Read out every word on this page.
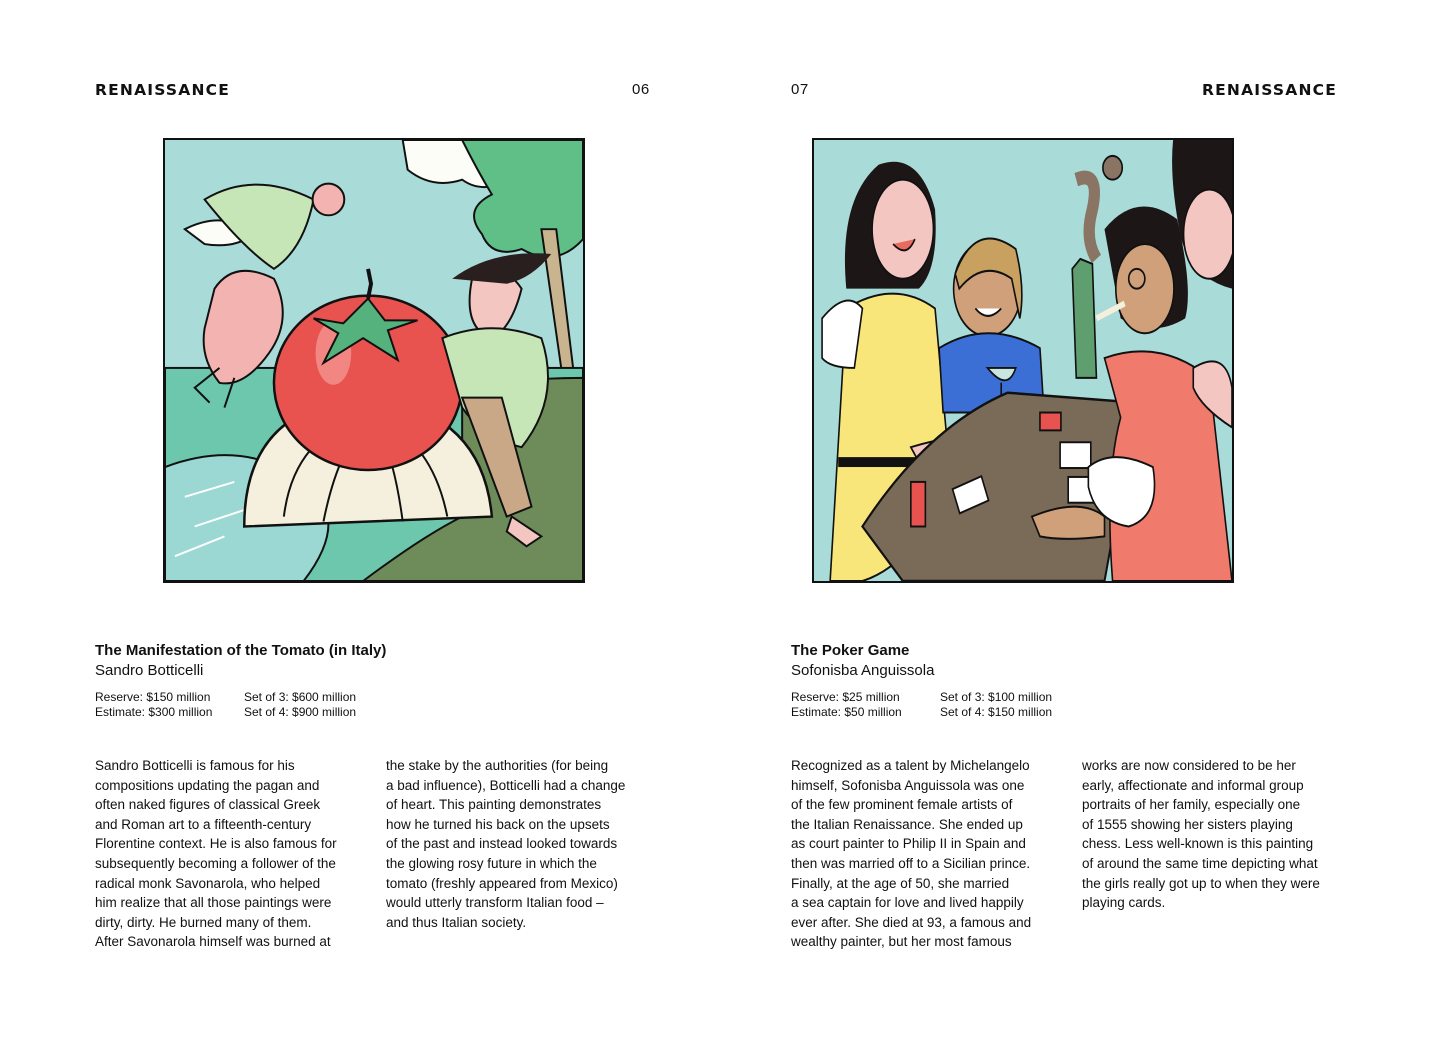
RENAISSANCE	06
The Manifestation of the Tomato (in Italy)
Sandro Botticelli
Reserve: $150 million
Estimate: $300 million
Set of 3: $600 million
Set of 4: $900 million
Sandro Botticelli is famous for his
compositions updating the pagan and
often naked figures of classical Greek
and Roman art to a fifteenth-century
Florentine context. He is also famous for
subsequently becoming a follower of the
radical monk Savonarola, who helped
him realize that all those paintings were
dirty, dirty. He burned many of them.
After Savonarola himself was burned at
the stake by the authorities (for being
a bad influence), Botticelli had a change
of heart. This painting demonstrates
how he turned his back on the upsets
of the past and instead looked towards
the glowing rosy future in which the
tomato (freshly appeared from Mexico)
would utterly transform Italian food –
and thus Italian society.
07	RENAISSANCE
The Poker Game
Sofonisba Anguissola
Reserve: $25 million
Estimate: $50 million
Set of 3: $100 million
Set of 4: $150 million
Recognized as a talent by Michelangelo
himself, Sofonisba Anguissola was one
of the few prominent female artists of
the Italian Renaissance. She ended up
as court painter to Philip II in Spain and
then was married off to a Sicilian prince.
Finally, at the age of 50, she married
a sea captain for love and lived happily
ever after. She died at 93, a famous and
wealthy painter, but her most famous
works are now considered to be her
early, affectionate and informal group
portraits of her family, especially one
of 1555 showing her sisters playing
chess. Less well-known is this painting
of around the same time depicting what
the girls really got up to when they were
playing cards.
